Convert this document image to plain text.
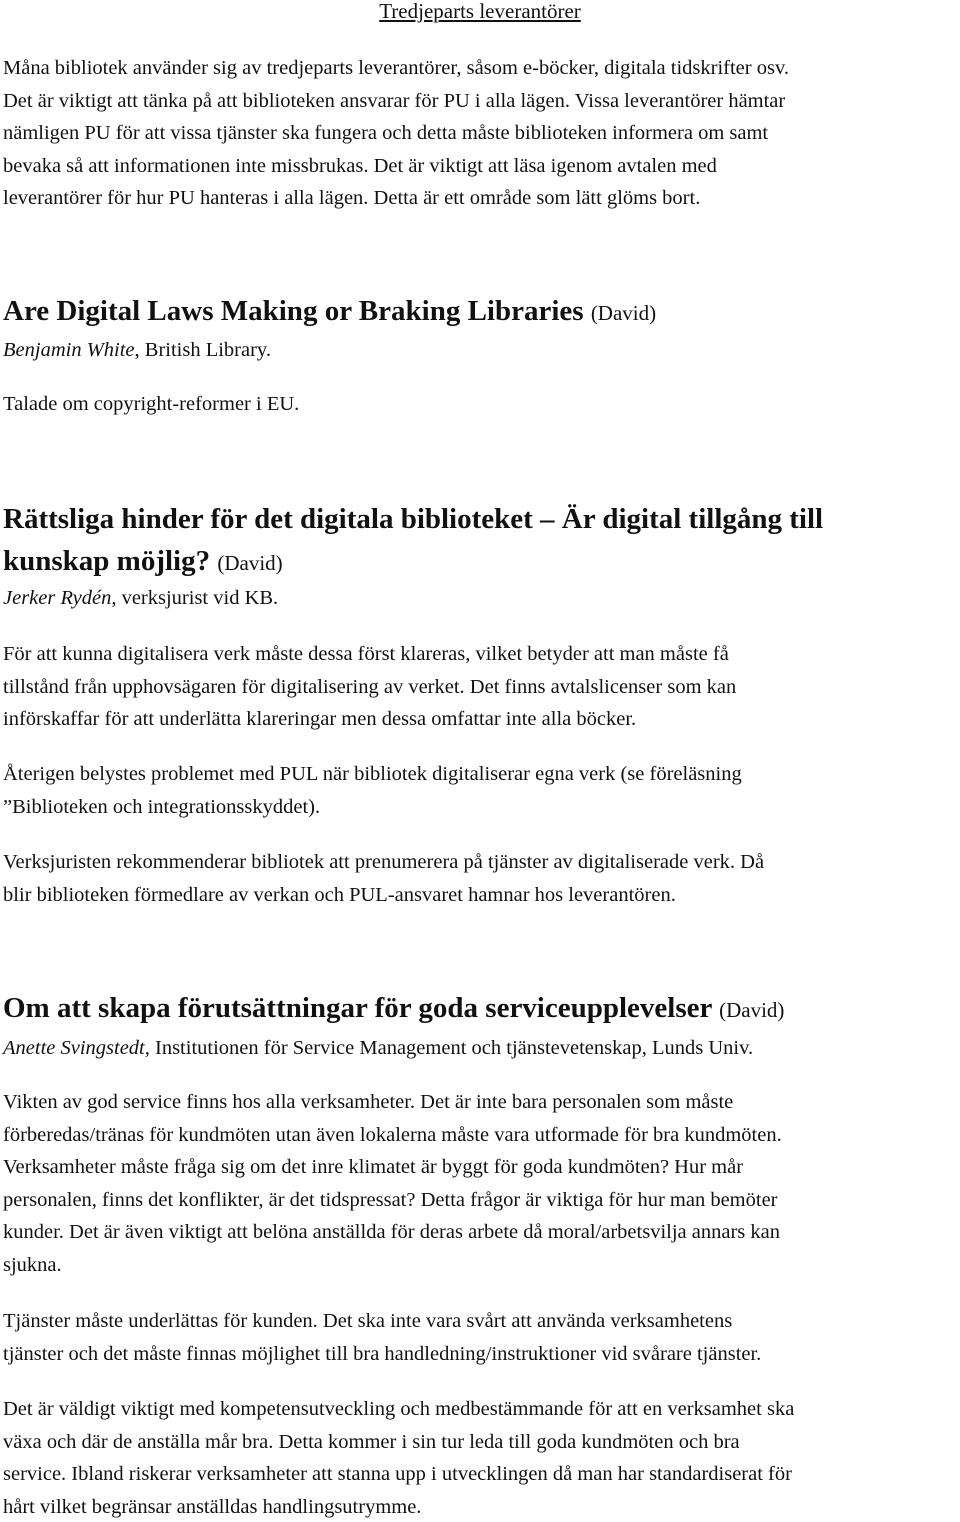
Tredjeparts leverantörer
Måna bibliotek använder sig av tredjeparts leverantörer, såsom e-böcker, digitala tidskrifter osv.
Det är viktigt att tänka på att biblioteken ansvarar för PU i alla lägen. Vissa leverantörer hämtar
nämligen PU för att vissa tjänster ska fungera och detta måste biblioteken informera om samt
bevaka så att informationen inte missbrukas. Det är viktigt att läsa igenom avtalen med
leverantörer för hur PU hanteras i alla lägen. Detta är ett område som lätt glöms bort.
Are Digital Laws Making or Braking Libraries (David)
Benjamin White, British Library.
Talade om copyright-reformer i EU.
Rättsliga hinder för det digitala biblioteket – Är digital tillgång till
kunskap möjlig? (David)
Jerker Rydén, verksjurist vid KB.
För att kunna digitalisera verk måste dessa först klareras, vilket betyder att man måste få
tillstånd från upphovsägaren för digitalisering av verket. Det finns avtalslicenser som kan
införskaffar för att underlätta klareringar men dessa omfattar inte alla böcker.
Återigen belystes problemet med PUL när bibliotek digitaliserar egna verk (se föreläsning
”Biblioteken och integrationsskyddet).
Verksjuristen rekommenderar bibliotek att prenumerera på tjänster av digitaliserade verk. Då
blir biblioteken förmedlare av verkan och PUL-ansvaret hamnar hos leverantören.
Om att skapa förutsättningar för goda serviceupplevelser (David)
Anette Svingstedt, Institutionen för Service Management och tjänstevetenskap, Lunds Univ.
Vikten av god service finns hos alla verksamheter. Det är inte bara personalen som måste
förberedas/tränas för kundmöten utan även lokalerna måste vara utformade för bra kundmöten.
Verksamheter måste fråga sig om det inre klimatet är byggt för goda kundmöten? Hur mår
personalen, finns det konflikter, är det tidspressat? Detta frågor är viktiga för hur man bemöter
kunder. Det är även viktigt att belöna anställda för deras arbete då moral/arbetsvilja annars kan
sjukna.
Tjänster måste underlättas för kunden. Det ska inte vara svårt att använda verksamhetens
tjänster och det måste finnas möjlighet till bra handledning/instruktioner vid svårare tjänster.
Det är väldigt viktigt med kompetensutveckling och medbestämmande för att en verksamhet ska
växa och där de anställa mår bra. Detta kommer i sin tur leda till goda kundmöten och bra
service. Ibland riskerar verksamheter att stanna upp i utvecklingen då man har standardiserat för
hårt vilket begränsar anställdas handlingsutrymme.
